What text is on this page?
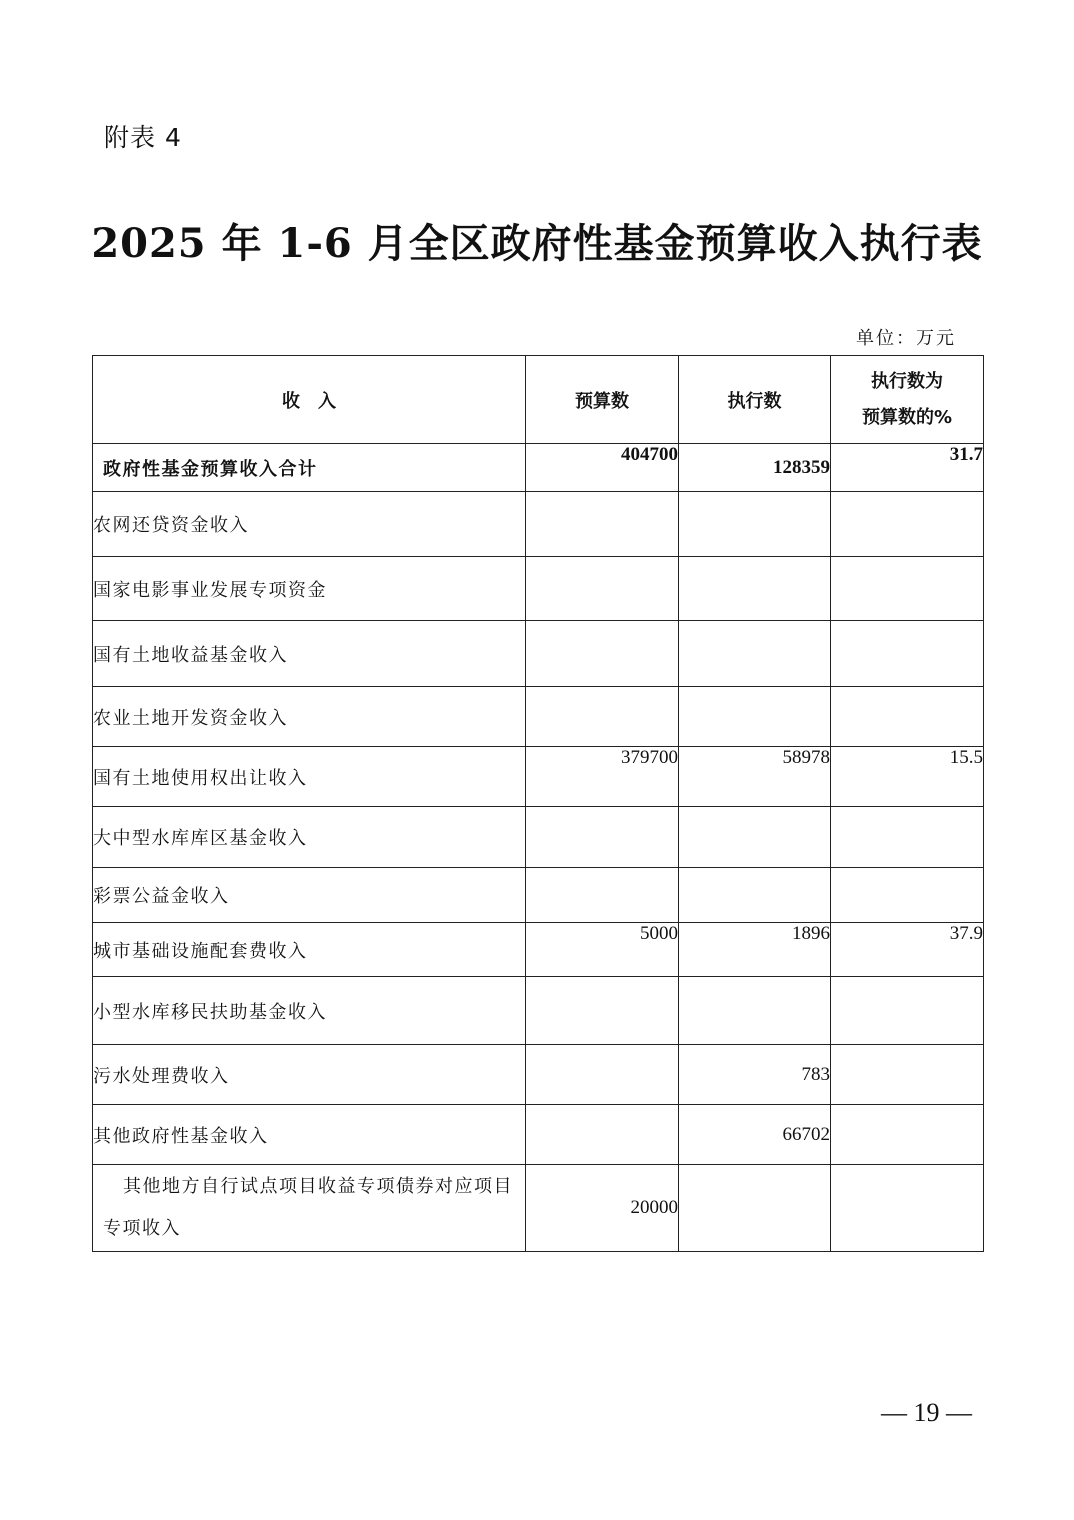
附表 4
2025 年 1-6 月全区政府性基金预算收入执行表
单位：万元
收　入	预算数	执行数	执行数为
预算数的%

政府性基金预算收入合计	404700	128359	31.7
农网还贷资金收入			
国家电影事业发展专项资金			
国有土地收益基金收入			
农业土地开发资金收入			
国有土地使用权出让收入	379700	58978	15.5
大中型水库库区基金收入			
彩票公益金收入			
城市基础设施配套费收入	5000	1896	37.9
小型水库移民扶助基金收入			
污水处理费收入		783	
其他政府性基金收入		66702	

其他地方自行试点项目收益专项债券对应项目
专项收入	20000		
— 19 —
